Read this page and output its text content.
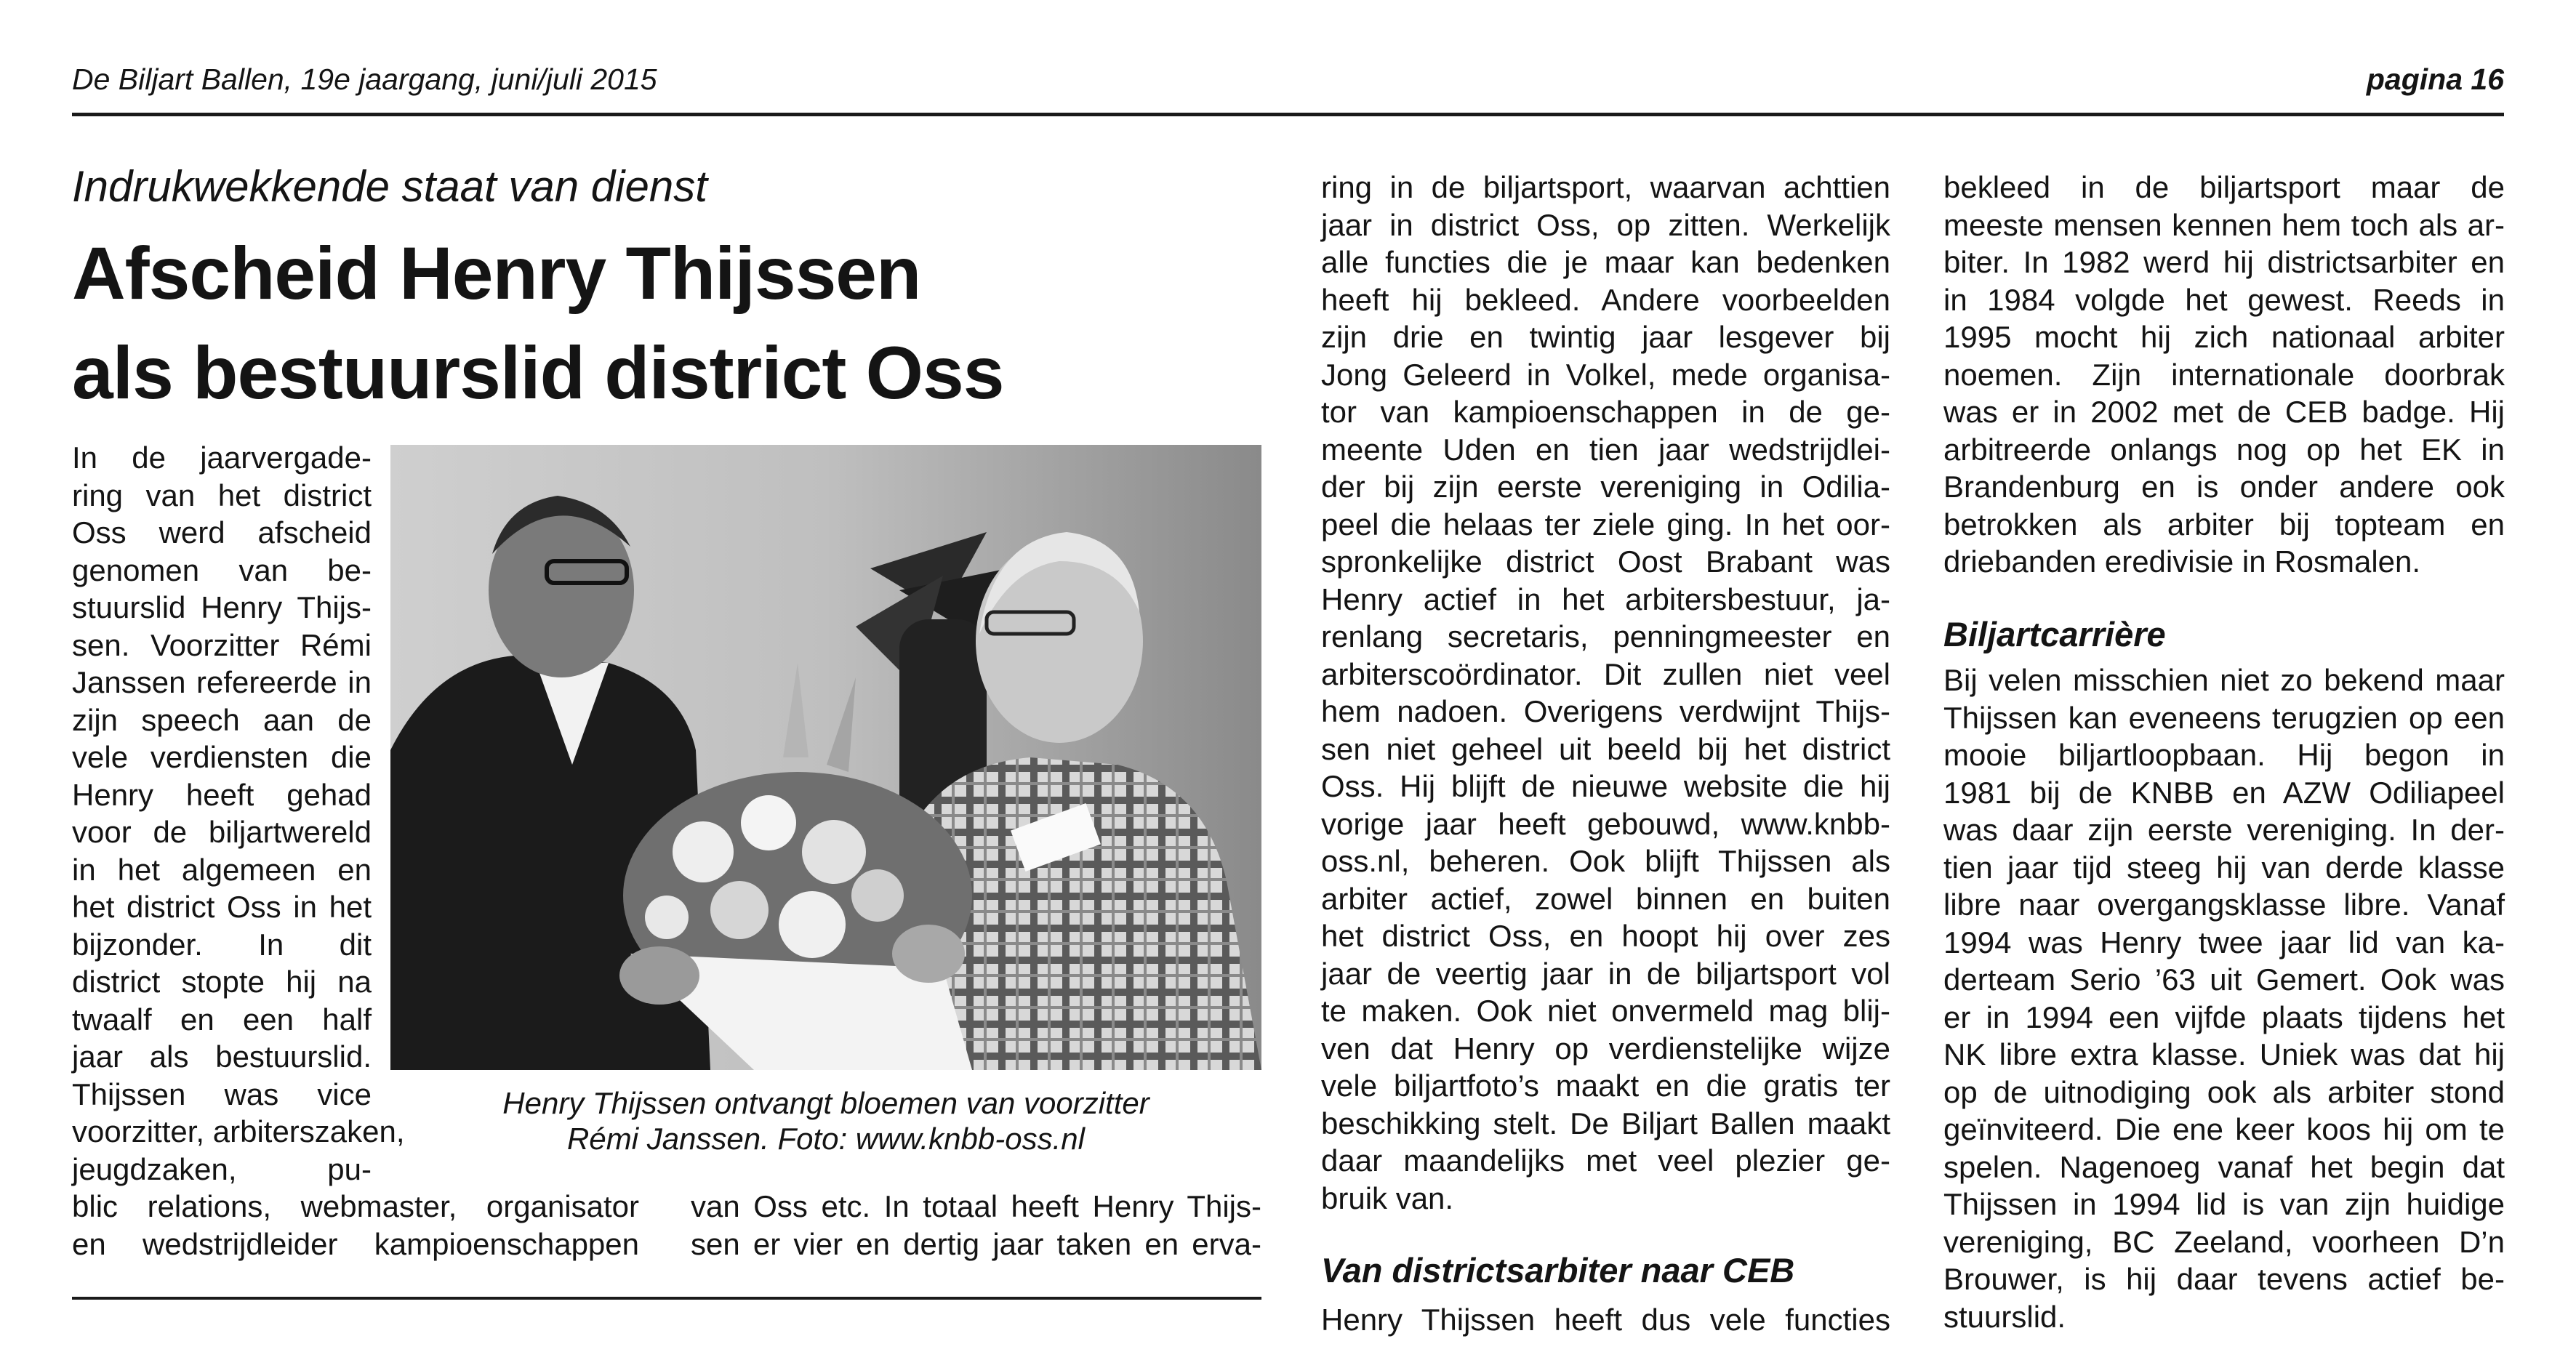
De Biljart Ballen, 19e jaargang, juni/juli 2015	pagina 16
Indrukwekkende staat van dienst
Afscheid Henry Thijssen
als bestuurslid district Oss
Henry Thijssen ontvangt bloemen van voorzitter
Rémi Janssen. Foto: www.knbb-oss.nl
In de jaarvergade-
ring van het district
Oss werd afscheid
genomen van be-
stuurslid Henry Thijs-
sen. Voorzitter Rémi
Janssen refereerde in
zijn speech aan de
vele verdiensten die
Henry heeft gehad
voor de biljartwereld
in het algemeen en
het district Oss in het
bijzonder. In dit
district stopte hij na
twaalf en een half
jaar als bestuurslid.
Thijssen was vice
voorzitter, arbiterszaken,
jeugdzaken, pu-
blic relations, webmaster, organisator
en wedstrijdleider kampioenschappen
van Oss etc. In totaal heeft Henry Thijs-
sen er vier en dertig jaar taken en erva-
ring in de biljartsport, waarvan achttien
jaar in district Oss, op zitten. Werkelijk
alle functies die je maar kan bedenken
heeft hij bekleed. Andere voorbeelden
zijn drie en twintig jaar lesgever bij
Jong Geleerd in Volkel, mede organisa-
tor van kampioenschappen in de ge-
meente Uden en tien jaar wedstrijdlei-
der bij zijn eerste vereniging in Odilia-
peel die helaas ter ziele ging. In het oor-
spronkelijke district Oost Brabant was
Henry actief in het arbitersbestuur, ja-
renlang secretaris, penningmeester en
arbiterscoördinator. Dit zullen niet veel
hem nadoen. Overigens verdwijnt Thijs-
sen niet geheel uit beeld bij het district
Oss. Hij blijft de nieuwe website die hij
vorige jaar heeft gebouwd, www.knbb-
oss.nl, beheren. Ook blijft Thijssen als
arbiter actief, zowel binnen en buiten
het district Oss, en hoopt hij over zes
jaar de veertig jaar in de biljartsport vol
te maken. Ook niet onvermeld mag blij-
ven dat Henry op verdienstelijke wijze
vele biljartfoto’s maakt en die gratis ter
beschikking stelt. De Biljart Ballen maakt
daar maandelijks met veel plezier ge-
bruik van.
Van districtsarbiter naar CEB
Henry Thijssen heeft dus vele functies
bekleed in de biljartsport maar de
meeste mensen kennen hem toch als ar-
biter. In 1982 werd hij districtsarbiter en
in 1984 volgde het gewest. Reeds in
1995 mocht hij zich nationaal arbiter
noemen. Zijn internationale doorbrak
was er in 2002 met de CEB badge. Hij
arbitreerde onlangs nog op het EK in
Brandenburg en is onder andere ook
betrokken als arbiter bij topteam en
driebanden eredivisie in Rosmalen.
Biljartcarrière
Bij velen misschien niet zo bekend maar
Thijssen kan eveneens terugzien op een
mooie biljartloopbaan. Hij begon in
1981 bij de KNBB en AZW Odiliapeel
was daar zijn eerste vereniging. In der-
tien jaar tijd steeg hij van derde klasse
libre naar overgangsklasse libre. Vanaf
1994 was Henry twee jaar lid van ka-
derteam Serio ’63 uit Gemert. Ook was
er in 1994 een vijfde plaats tijdens het
NK libre extra klasse. Uniek was dat hij
op de uitnodiging ook als arbiter stond
geïnviteerd. Die ene keer koos hij om te
spelen. Nagenoeg vanaf het begin dat
Thijssen in 1994 lid is van zijn huidige
vereniging, BC Zeeland, voorheen D’n
Brouwer, is hij daar tevens actief be-
stuurslid.
